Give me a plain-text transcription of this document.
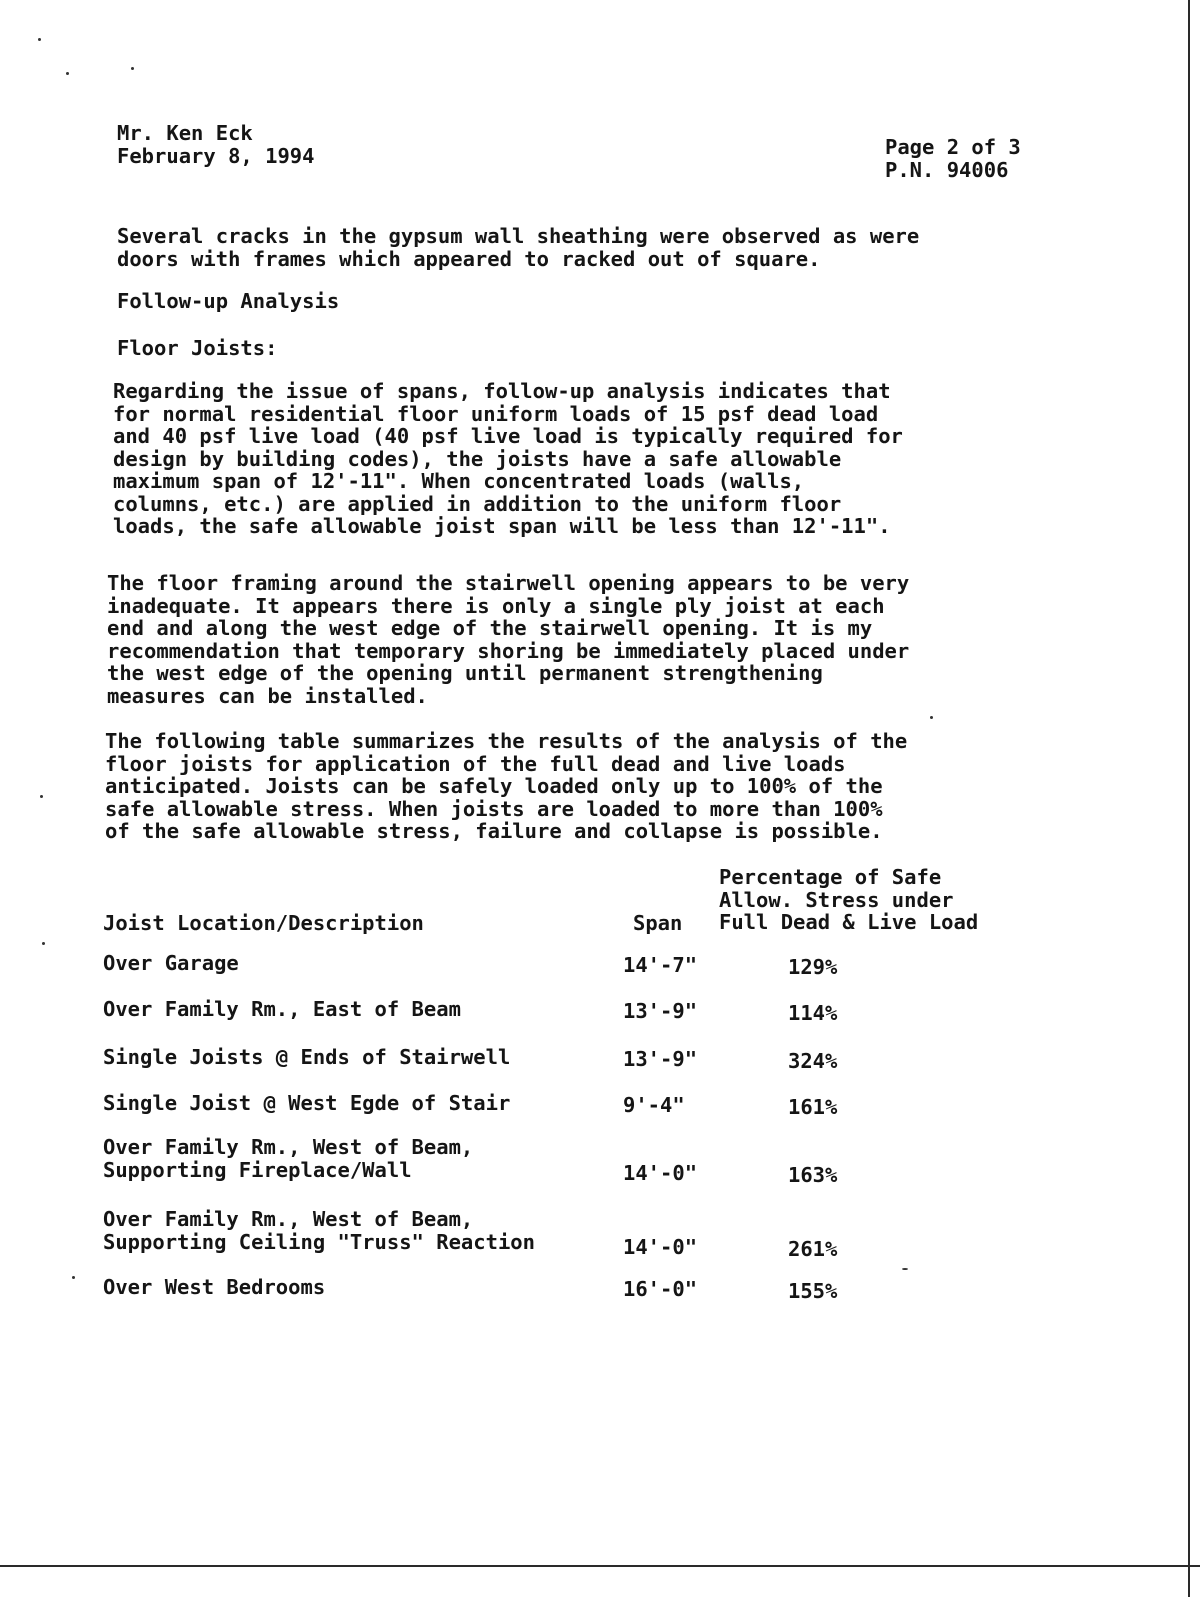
Mr. Ken Eck
February 8, 1994	Page 2 of 3
P.N. 94006
Several cracks in the gypsum wall sheathing were observed as were
doors with frames which appeared to racked out of square.
Follow-up Analysis
Floor Joists:
Regarding the issue of spans, follow-up analysis indicates that
for normal residential floor uniform loads of 15 psf dead load
and 40 psf live load (40 psf live load is typically required for
design by building codes), the joists have a safe allowable
maximum span of 12'-11". When concentrated loads (walls,
columns, etc.) are applied in addition to the uniform floor
loads, the safe allowable joist span will be less than 12'-11".
The floor framing around the stairwell opening appears to be very
inadequate. It appears there is only a single ply joist at each
end and along the west edge of the stairwell opening. It is my
recommendation that temporary shoring be immediately placed under
the west edge of the opening until permanent strengthening
measures can be installed.
The following table summarizes the results of the analysis of the
floor joists for application of the full dead and live loads
anticipated. Joists can be safely loaded only up to 100% of the
safe allowable stress. When joists are loaded to more than 100%
of the safe allowable stress, failure and collapse is possible.
Joist Location/Description	Span
Percentage of Safe
Allow. Stress under
Full Dead & Live Load
Over Garage	14'-7"	129%
Over Family Rm., East of Beam	13'-9"	114%
Single Joists @ Ends of Stairwell	13'-9"	324%
Single Joist @ West Egde of Stair	9'-4"	161%
Over Family Rm., West of Beam,
Supporting Fireplace/Wall	14'-0"	163%
Over Family Rm., West of Beam,
Supporting Ceiling "Truss" Reaction	14'-0"	261%
Over West Bedrooms	16'-0"	155%
